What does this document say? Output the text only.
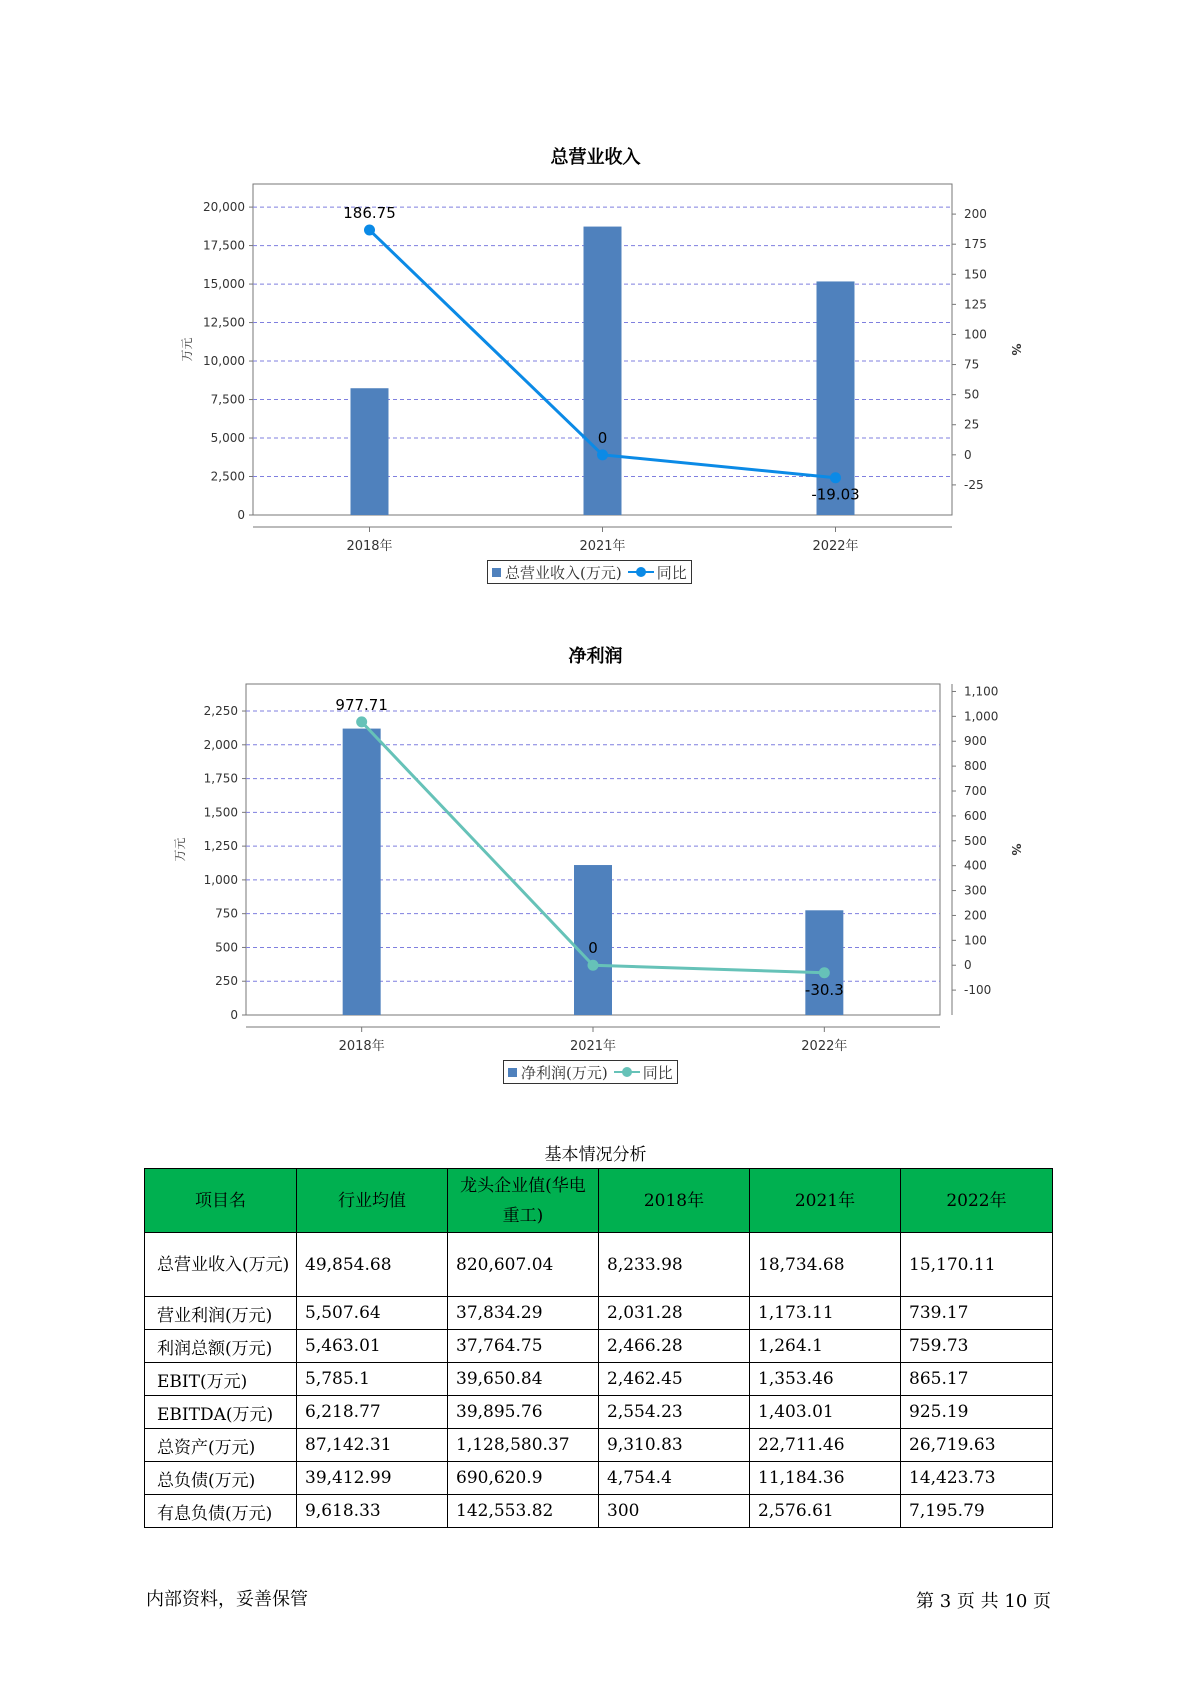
总营业收入
0
2,500
5,000
7,500
10,000
12,500
15,000
17,500
20,000
万元
-25
0
25
50
75
100
125
150
175
200
%
2018年	2021年	2022年
186.75
0
-19.03
总营业收入(万元) 同比
净利润
净利润(万元) 同比
基本情况分析
项目名	行业均值	龙头企业值(华电重工)	2018年	2021年	2022年
总营业收入(万元)	49,854.68	820,607.04	8,233.98	18,734.68	15,170.11
营业利润(万元)	5,507.64	37,834.29	2,031.28	1,173.11	739.17
利润总额(万元)	5,463.01	37,764.75	2,466.28	1,264.1	759.73
EBIT(万元)	5,785.1	39,650.84	2,462.45	1,353.46	865.17
EBITDA(万元)	6,218.77	39,895.76	2,554.23	1,403.01	925.19
总资产(万元)	87,142.31	1,128,580.37	9,310.83	22,711.46	26,719.63
总负债(万元)	39,412.99	690,620.9	4,754.4	11,184.36	14,423.73
有息负债(万元)	9,618.33	142,553.82	300	2,576.61	7,195.79
内部资料，妥善保管	第 3 页 共 10 页
0
250
500
750
1,000
1,250
1,500
1,750
2,000
2,250
万元
-100
0
100
200
300
400
500
600
700
800
900
1,000
1,100
%
2018年	2021年	2022年
977.71
0
-30.3
